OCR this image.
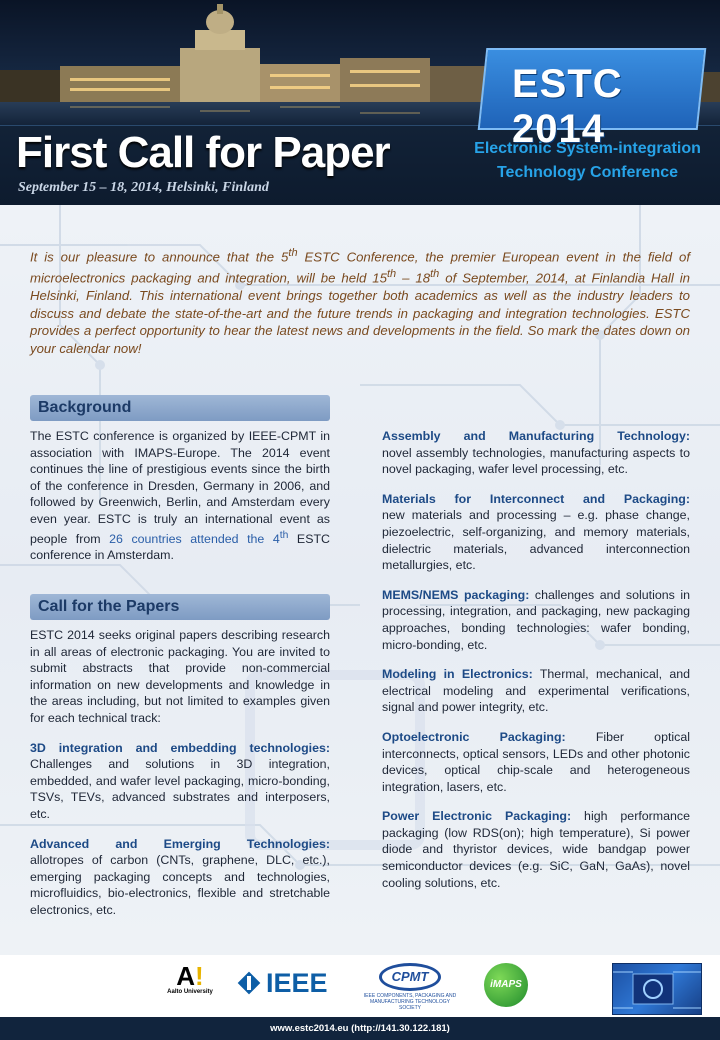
First Call for Paper
September 15 – 18, 2014, Helsinki, Finland
ESTC 2014
Electronic System-integration
Technology Conference
It is our pleasure to announce that the 5th ESTC Conference, the premier European event in the field of microelectronics packaging and integration, will be held 15th – 18th of September, 2014, at Finlandia Hall in Helsinki, Finland. This international event brings together both academics as well as the industry leaders to discuss and debate the state-of-the-art and the future trends in packaging and integration technologies. ESTC provides a perfect opportunity to hear the latest news and developments in the field. So mark the dates down on your calendar now!
Background
The ESTC conference is organized by IEEE-CPMT in association with IMAPS-Europe. The 2014 event continues the line of prestigious events since the birth of the conference in Dresden, Germany in 2006, and followed by Greenwich, Berlin, and Amsterdam every even year. ESTC is truly an international event as people from 26 countries attended the 4th ESTC conference in Amsterdam.
Call for the Papers
ESTC 2014 seeks original papers describing research in all areas of electronic packaging. You are invited to submit abstracts that provide non-commercial information on new developments and knowledge in the areas including, but not limited to examples given for each technical track:
3D integration and embedding technologies:
Challenges and solutions in 3D integration, embedded, and wafer level packaging, micro-bonding, TSVs, TEVs, advanced substrates and interposers, etc.
Advanced and Emerging Technologies:
allotropes of carbon (CNTs, graphene, DLC, etc.), emerging packaging concepts and technologies, microfluidics, bio-electronics, flexible and stretchable electronics, etc.
Assembly and Manufacturing Technology:
novel assembly technologies, manufacturing aspects to novel packaging, wafer level processing, etc.
Materials for Interconnect and Packaging:
new materials and processing – e.g. phase change, piezoelectric, self-organizing, and memory materials, dielectric materials, advanced interconnection metallurgies, etc.
MEMS/NEMS packaging: challenges and solutions in processing, integration, and packaging, new packaging approaches, bonding technologies: wafer bonding, micro-bonding, etc.
Modeling in Electronics: Thermal, mechanical, and electrical modeling and experimental verifications, signal and power integrity, etc.
Optoelectronic Packaging: Fiber optical interconnects, optical sensors, LEDs and other photonic devices, optical chip-scale and heterogeneous integration, lasers, etc.
Power Electronic Packaging: high performance packaging (low RDS(on); high temperature), Si power diode and thyristor devices, wide bandgap power semiconductor devices (e.g. SiC, GaN, GaAs), novel cooling solutions, etc.
A!
Aalto University IEEE	CPMT
IEEE COMPONENTS, PACKAGING AND MANUFACTURING TECHNOLOGY SOCIETY
iMAPS
www.estc2014.eu (http://141.30.122.181)
